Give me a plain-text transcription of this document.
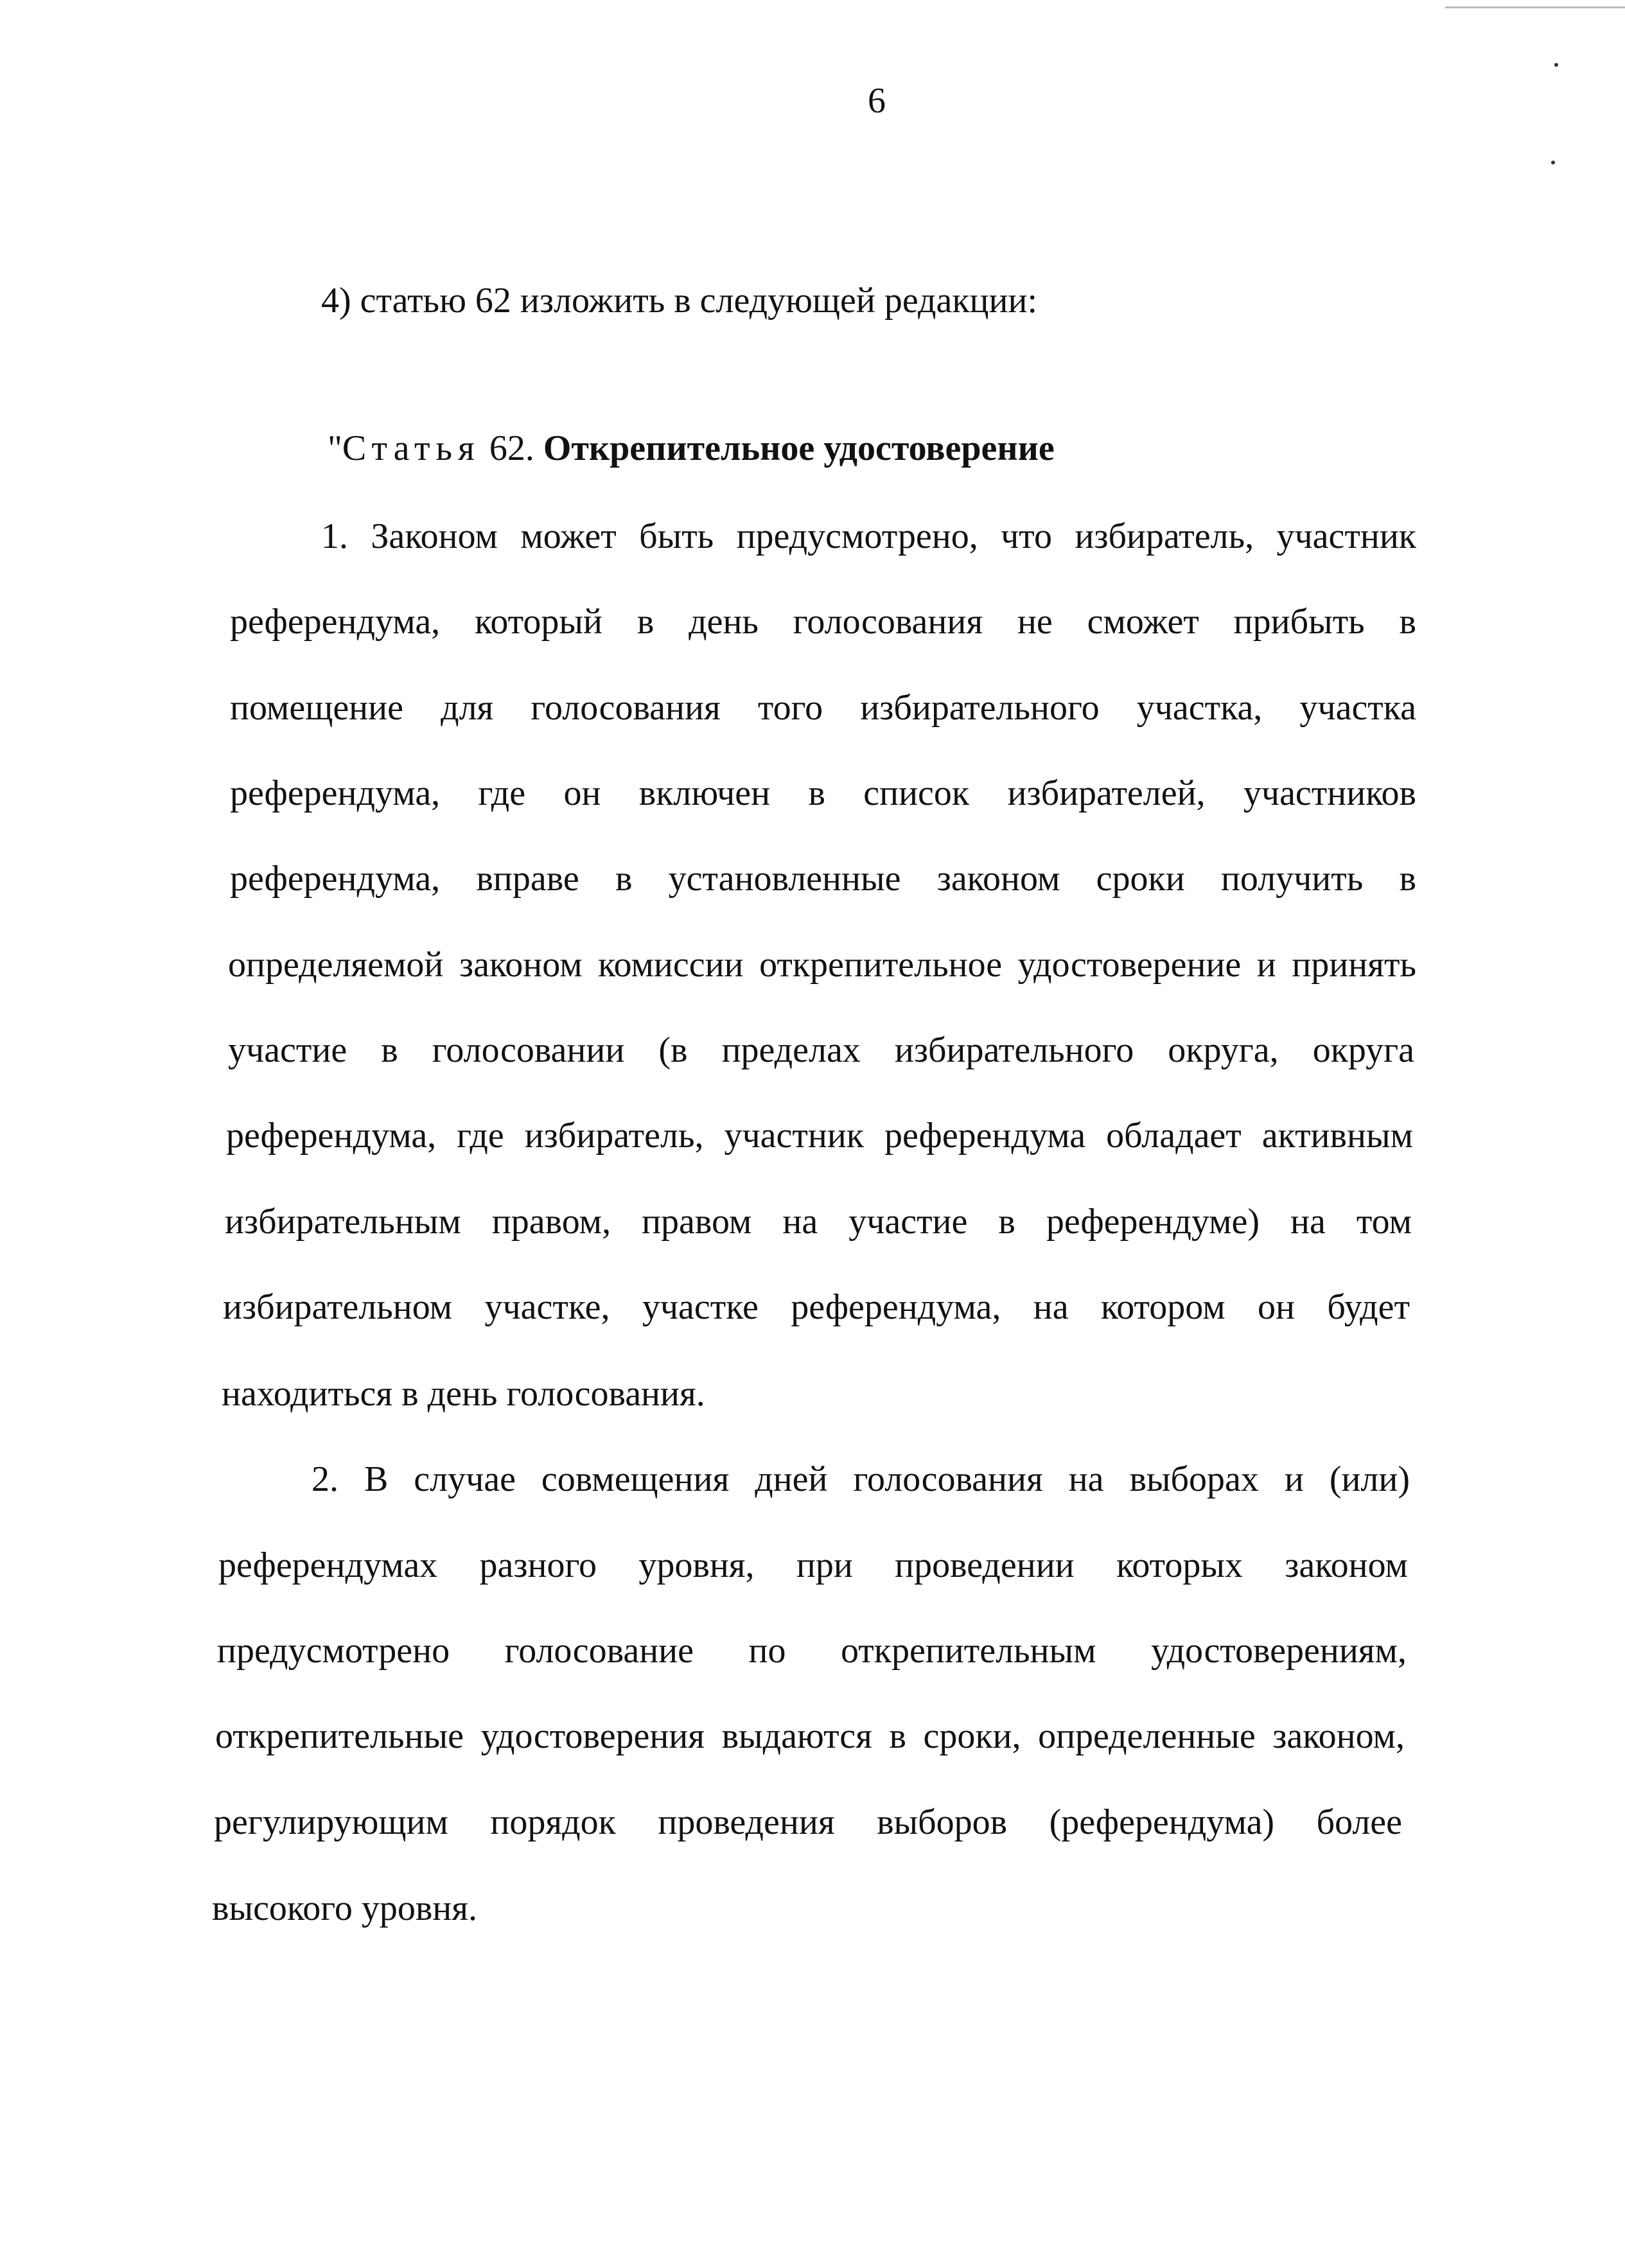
6
4) статью 62 изложить в следующей редакции:
"Статья 62. Открепительное удостоверение
1. Законом может быть предусмотрено, что избиратель, участник
референдума, который в день голосования не сможет прибыть в
помещение для голосования того избирательного участка, участка
референдума, где он включен в список избирателей, участников
референдума, вправе в установленные законом сроки получить в
определяемой законом комиссии открепительное удостоверение и принять
участие в голосовании (в пределах избирательного округа, округа
референдума, где избиратель, участник референдума обладает активным
избирательным правом, правом на участие в референдуме) на том
избирательном участке, участке референдума, на котором он будет
находиться в день голосования.
2. В случае совмещения дней голосования на выборах и (или)
референдумах разного уровня, при проведении которых законом
предусмотрено голосование по открепительным удостоверениям,
открепительные удостоверения выдаются в сроки, определенные законом,
регулирующим порядок проведения выборов (референдума) более
высокого уровня.
